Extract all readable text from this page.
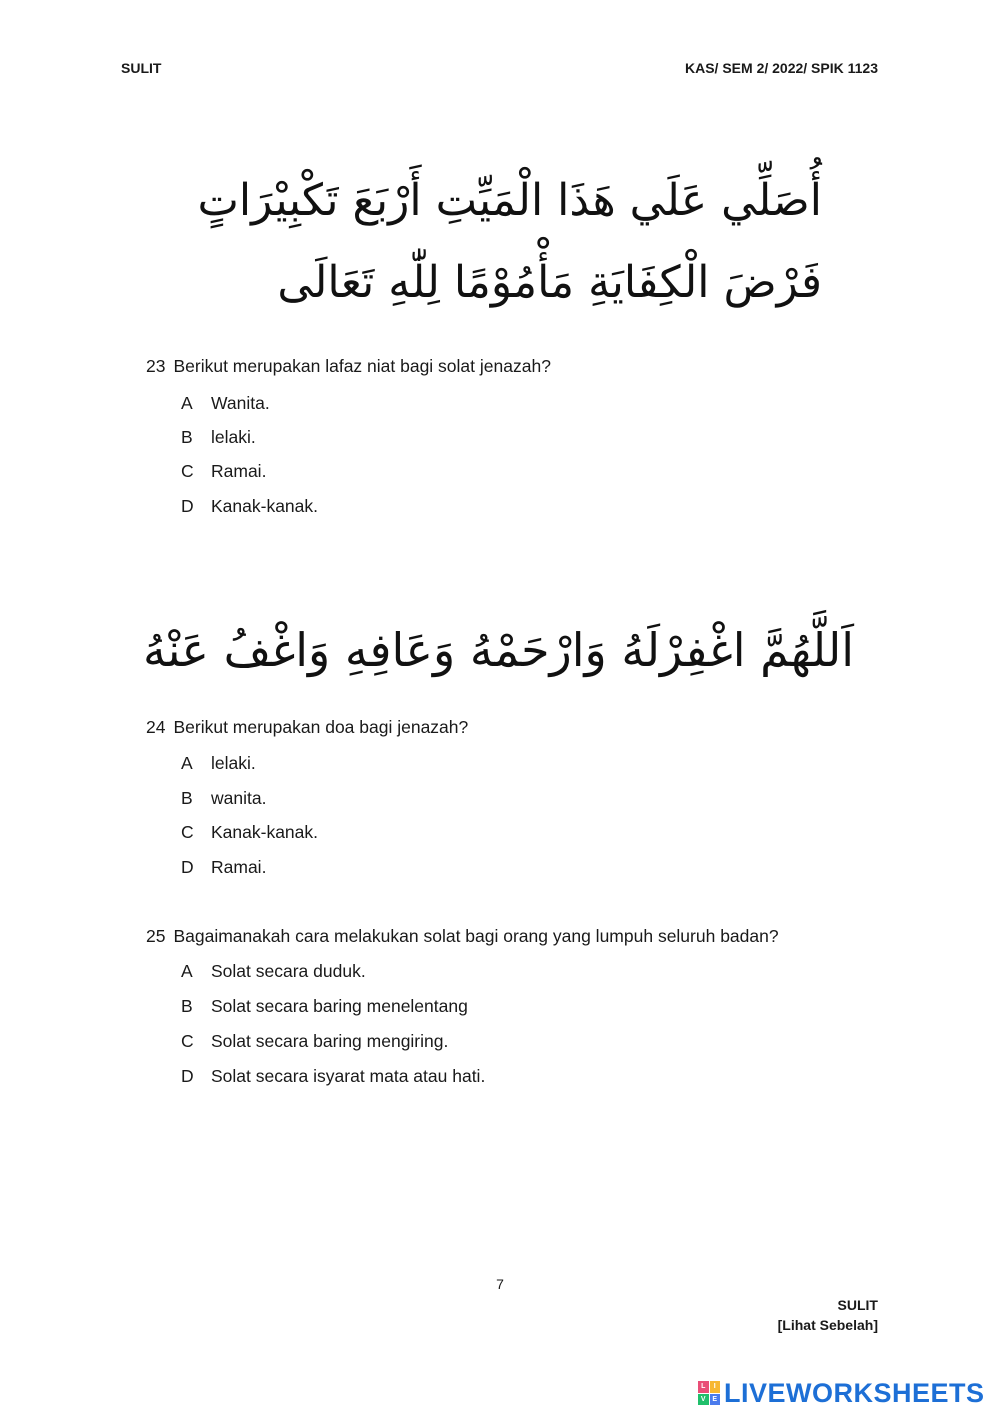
SULIT	KAS/ SEM 2/ 2022/ SPIK 1123
أُصَلِّي عَلَي هَذَا الْمَيِّتِ أَرْبَعَ تَكْبِيْرَاتٍ
فَرْضَ الْكِفَايَةِ مَأْمُوْمًا لِلّٰهِ تَعَالَى
23 Berikut merupakan lafaz niat bagi solat jenazah?
A Wanita.
B lelaki.
C Ramai.
D Kanak-kanak.
اَللَّهُمَّ اغْفِرْلَهُ وَارْحَمْهُ وَعَافِهِ وَاغْفُ عَنْهُ
24 Berikut merupakan doa bagi jenazah?
A lelaki.
B wanita.
C Kanak-kanak.
D Ramai.
25 Bagaimanakah cara melakukan solat bagi orang yang lumpuh seluruh badan?
A Solat secara duduk.
B Solat secara baring menelentang
C Solat secara baring mengiring.
D Solat secara isyarat mata atau hati.
7
SULIT
[Lihat Sebelah]
L	I
V E LIVEWORKSHEETS
